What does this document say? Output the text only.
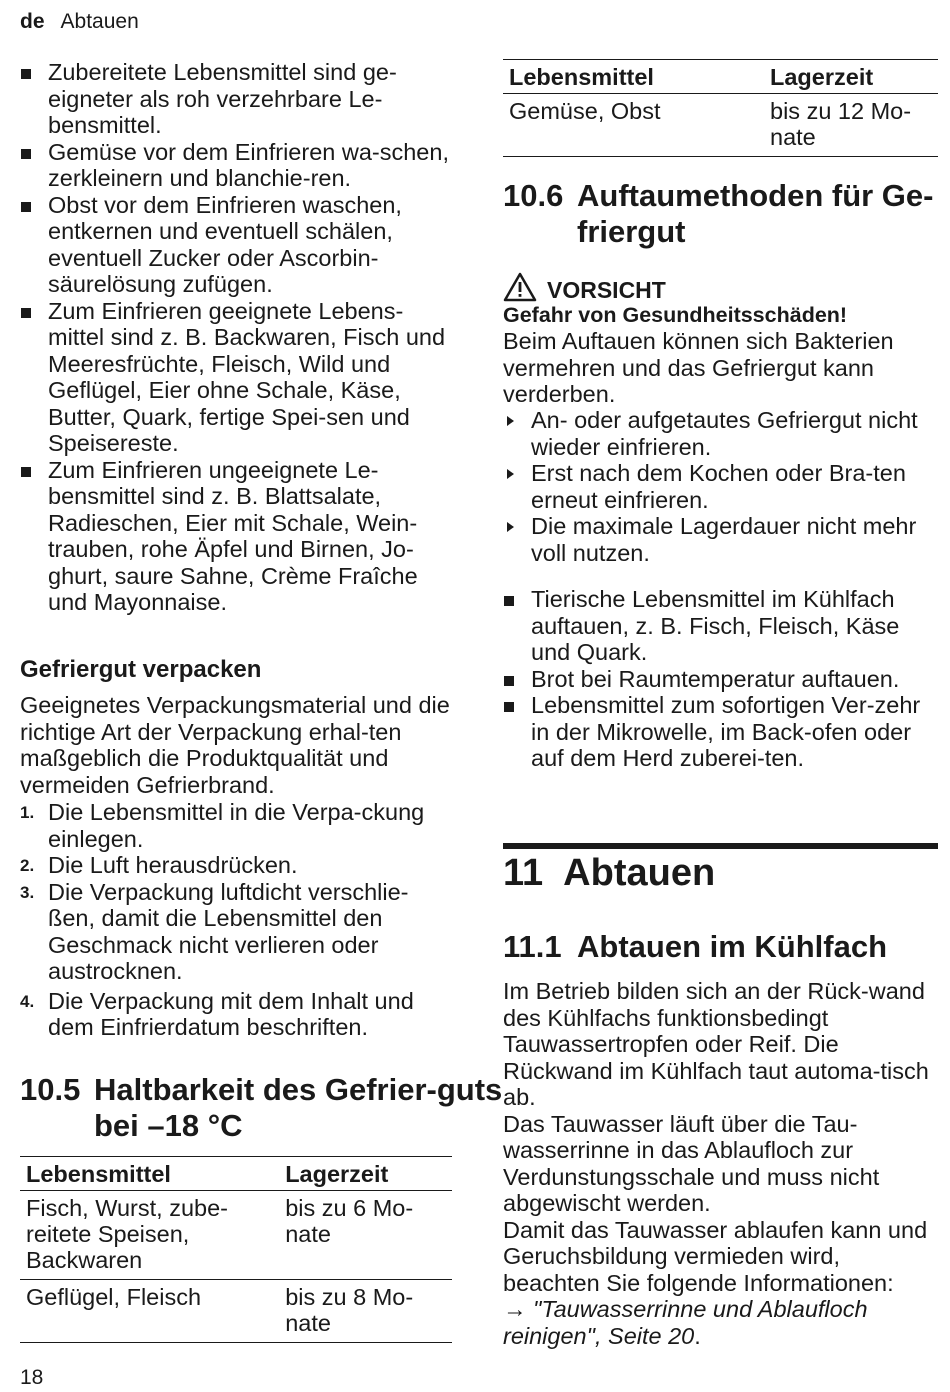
de Abtauen
Zubereitete Lebensmittel sind ge-eigneter als roh verzehrbare Le-bensmittel.
Gemüse vor dem Einfrieren wa-schen, zerkleinern und blanchie-ren.
Obst vor dem Einfrieren waschen, entkernen und eventuell schälen, eventuell Zucker oder Ascorbin-säurelösung zufügen.
Zum Einfrieren geeignete Lebens-mittel sind z. B. Backwaren, Fisch und Meeresfrüchte, Fleisch, Wild und Geflügel, Eier ohne Schale, Käse, Butter, Quark, fertige Spei-sen und Speisereste.
Zum Einfrieren ungeeignete Le-bensmittel sind z. B. Blattsalate, Radieschen, Eier mit Schale, Wein-trauben, rohe Äpfel und Birnen, Jo-ghurt, saure Sahne, Crème Fraîche und Mayonnaise.
Gefriergut verpacken
Geeignetes Verpackungsmaterial und die richtige Art der Verpackung erhal-ten maßgeblich die Produktqualität und vermeiden Gefrierbrand.
1. Die Lebensmittel in die Verpa-ckung einlegen.
2. Die Luft herausdrücken.
3. Die Verpackung luftdicht verschlie-ßen, damit die Lebensmittel den Geschmack nicht verlieren oder austrocknen.
4. Die Verpackung mit dem Inhalt und dem Einfrierdatum beschriften.
10.5 Haltbarkeit des Gefrier-guts bei –18 °C
Lebensmittel	Lagerzeit
Fisch, Wurst, zube-reitete Speisen, Backwaren	bis zu 6 Mo-nate
Geflügel, Fleisch	bis zu 8 Mo-nate
Lebensmittel	Lagerzeit
Gemüse, Obst	bis zu 12 Mo-nate
10.6 Auftaumethoden für Ge-friergut
VORSICHT
Gefahr von Gesundheitsschäden!
Beim Auftauen können sich Bakterien vermehren und das Gefriergut kann verderben.
An- oder aufgetautes Gefriergut nicht wieder einfrieren.
Erst nach dem Kochen oder Bra-ten erneut einfrieren.
Die maximale Lagerdauer nicht mehr voll nutzen.
Tierische Lebensmittel im Kühlfach auftauen, z. B. Fisch, Fleisch, Käse und Quark.
Brot bei Raumtemperatur auftauen.
Lebensmittel zum sofortigen Ver-zehr in der Mikrowelle, im Back-ofen oder auf dem Herd zuberei-ten.
11 Abtauen
11.1 Abtauen im Kühlfach
Im Betrieb bilden sich an der Rück-wand des Kühlfachs funktionsbedingt Tauwassertropfen oder Reif. Die Rückwand im Kühlfach taut automa-tisch ab.
Das Tauwasser läuft über die Tau-wasserrinne in das Ablaufloch zur Verdunstungsschale und muss nicht abgewischt werden.
Damit das Tauwasser ablaufen kann und Geruchsbildung vermieden wird, beachten Sie folgende Informationen:
→ "Tauwasserrinne und Ablaufloch reinigen", Seite 20.
18
